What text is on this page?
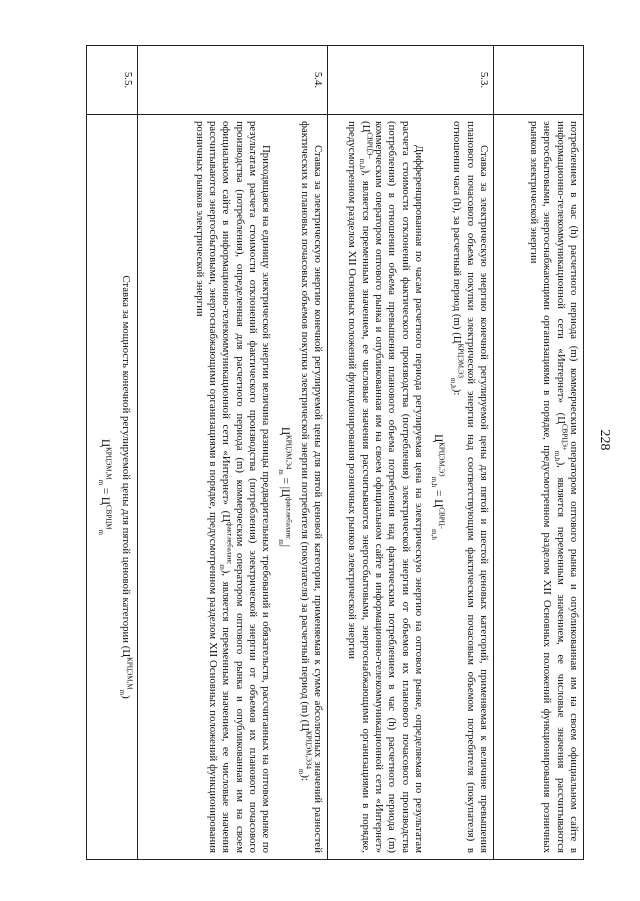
228

	потреблением в час (h) расчетного периода (m) коммерческим оператором оптового рынка и опубликованная им на своем официальном сайте в информационно-телекоммуникационной сети «Интернет» $(Ц^{СВРЦЭ+}_{m,h})$, является переменным значением, ее числовые значения рассчитываются энергосбытовыми, энергоснабжающими организациями в порядке, предусмотренном разделом XII Основных положений функционирования розничных рынков электрической энергии

5.3.	Ставка за электрическую энергию конечной регулируемой цены для пятой и шестой ценовых категорий, применяемая к величине превышения планового почасового объема покупки электрической энергии над соответствующим фактическим почасовым объемом потребителя (покупателя) в отношении часа (h), за расчетный период (m) $(Ц^{КРЦЭМ,ЭЗ}_{m,h})$:

$Ц^{КРЦЭМ,ЭЗ}_{m,h} = Ц^{СВРЦ-}_{m,h}$

Дифференцированная по часам расчетного периода регулируемая цена на электрическую энергию на оптовом рынке, определяемая по результатам расчета стоимости отклонений фактического производства (потребления) электрической энергии от объемов их планового почасового производства (потребления) в отношении объема превышения планового объема потребления над фактическим потреблением в час (h) расчетного периода (m) коммерческим оператором оптового рынка и опубликованная им на своем официальном сайте в информационно-телекоммуникационной сети «Интернет» $(Ц^{СВРЦЭ-}_{m,h})$, является переменным значением, ее числовые значения рассчитываются энергосбытовыми, энергоснабжающими организациями в порядке, предусмотренном разделом XII Основных положений функционирования розничных рынков электрической энергии

5.4.	Ставка за электрическую энергию конечной регулируемой цены для пятой ценовой категории, применяемая к сумме абсолютных значений разностей фактических и плановых почасовых объемов покупки электрической энергии потребителя (покупателя) за расчетный период (m) $(Ц^{КРЦЭМ,ЭЗ4}_m)$:

$Ц^{КРЦЭМ,Э4}_m = |Ц^{факт.небаланс}_m|$

Приходящаяся на единицу электрической энергии величина разницы предварительных требований и обязательств, рассчитанных на оптовом рынке по результатам расчета стоимости отклонений фактического производства (потребления) электрической энергии от объемов их планового почасового производства (потребления), определенная для расчетного периода (m) коммерческим оператором оптового рынка и опубликованная им на своем официальном сайте в информационно-телекоммуникационной сети «Интернет» $(Ц^{факт.небаланс}_m)$, является переменным значением, ее числовые значения рассчитываются энергосбытовыми, энергоснабжающими организациями в порядке, предусмотренном разделом XII Основных положений функционирования розничных рынков электрической энергии

5.5.	Ставка за мощность конечной регулируемой цены для пятой ценовой категории $(Ц^{КРЦЭМ,М}_m)$
$Ц^{КРЦЭМ,М}_m = Ц^{СВРЦМ}_m$
